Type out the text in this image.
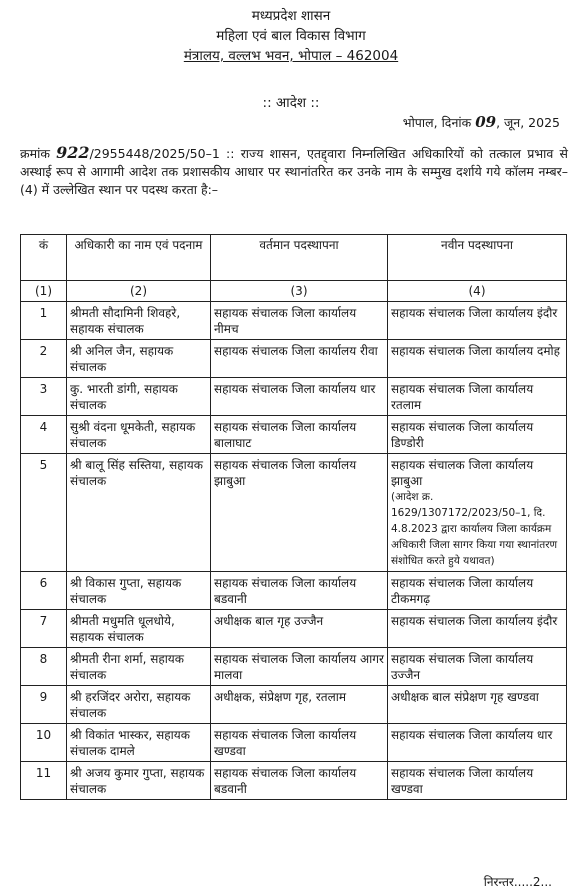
मध्यप्रदेश शासन
महिला एवं बाल विकास विभाग
मंत्रालय, वल्लभ भवन, भोपाल – 462004
:: आदेश ::
भोपाल, दिनांक 09, जून, 2025
क्रमांक 922/2955448/2025/50–1 :: राज्य शासन, एतद्द्वारा निम्नलिखित अधिकारियों को तत्काल प्रभाव से अस्थाई रूप से आगामी आदेश तक प्रशासकीय आधार पर स्थानांतरित कर उनके नाम के सम्मुख दर्शाये गये कॉलम नम्बर–(4) में उल्लेखित स्थान पर पदस्थ करता है:–
कं	अधिकारी का नाम एवं पदनाम	वर्तमान पदस्थापना	नवीन पदस्थापना
(1)	(2)	(3)	(4)
1	श्रीमती सौदामिनी शिवहरे, सहायक संचालक	सहायक संचालक जिला कार्यालय नीमच	सहायक संचालक जिला कार्यालय इंदौर
2	श्री अनिल जैन, सहायक संचालक	सहायक संचालक जिला कार्यालय रीवा	सहायक संचालक जिला कार्यालय दमोह
3	कु. भारती डांगी, सहायक संचालक	सहायक संचालक जिला कार्यालय धार	सहायक संचालक जिला कार्यालय रतलाम
4	सुश्री वंदना धूमकेती, सहायक संचालक	सहायक संचालक जिला कार्यालय बालाघाट	सहायक संचालक जिला कार्यालय डिण्डोरी
5	श्री बालू सिंह सस्तिया, सहायक संचालक	सहायक संचालक जिला कार्यालय झाबुआ	सहायक संचालक जिला कार्यालय झाबुआ
(आदेश क्र. 1629/1307172/2023/50–1, दि. 4.8.2023 द्वारा कार्यालय जिला कार्यक्रम अधिकारी जिला सागर किया गया स्थानांतरण संशोधित करते हुये यथावत)

6	श्री विकास गुप्ता, सहायक संचालक	सहायक संचालक जिला कार्यालय बडवानी	सहायक संचालक जिला कार्यालय टीकमगढ़
7	श्रीमती मधुमति धूलधोये, सहायक संचालक	अधीक्षक बाल गृह उज्जैन	सहायक संचालक जिला कार्यालय इंदौर
8	श्रीमती रीना शर्मा, सहायक संचालक	सहायक संचालक जिला कार्यालय आगर मालवा	सहायक संचालक जिला कार्यालय उज्जैन
9	श्री हरजिंदर अरोरा, सहायक संचालक	अधीक्षक, संप्रेक्षण गृह, रतलाम	अधीक्षक बाल संप्रेक्षण गृह खण्डवा
10	श्री विकांत भास्कर, सहायक संचालक दामले	सहायक संचालक जिला कार्यालय खण्डवा	सहायक संचालक जिला कार्यालय धार
11	श्री अजय कुमार गुप्ता, सहायक संचालक	सहायक संचालक जिला कार्यालय बडवानी	सहायक संचालक जिला कार्यालय खण्डवा
निरन्तर.....2...
